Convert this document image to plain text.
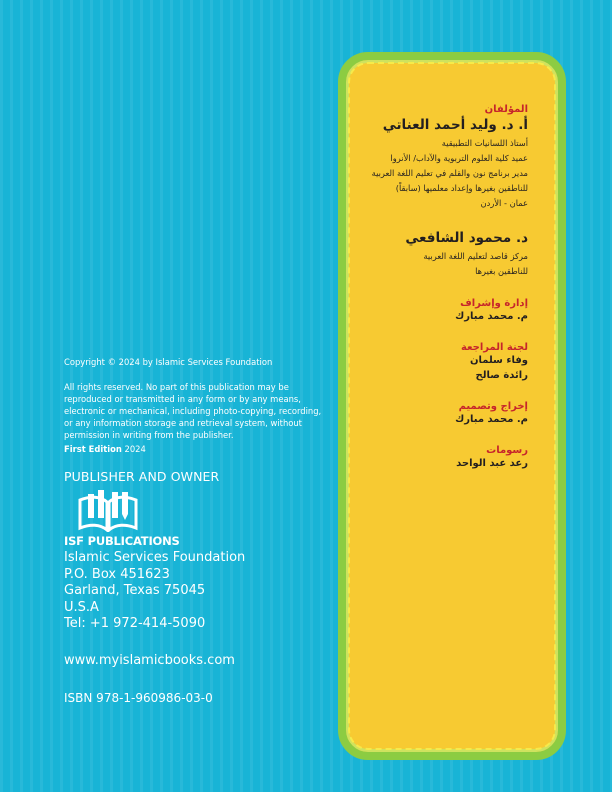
Copyright © 2024 by Islamic Services Foundation

All rights reserved. No part of this publication may be reproduced or transmitted in any form or by any means, electronic or mechanical, including photo-copying, recording, or any information storage and retrieval system, without permission in writing from the publisher.

First Edition 2024

PUBLISHER AND OWNER

ISF PUBLICATIONS

Islamic Services Foundation

P.O. Box 451623

Garland, Texas 75045

U.S.A

Tel: +1 972-414-5090

www.myislamicbooks.com

ISBN 978-1-960986-03-0

المؤلفان

أ. د. وليد أحمد العناتي

أستاذ اللسانيات التطبيقية

عميد كلية العلوم التربوية والآداب/ الأنروا

مدير برنامج نون والقلم في تعليم اللغة العربية

للناطقين بغيرها وإعداد معلميها (سابقاً)

عمان - الأردن

د. محمود الشافعي

مركز قاصد لتعليم اللغة العربية

للناطقين بغيرها

إدارة وإشراف

م. محمد مبارك

لجنة المراجعة

وفاء سلمان

رائدة صالح

إخراج وتصميم

م. محمد مبارك

رسومات

رعد عبد الواحد
